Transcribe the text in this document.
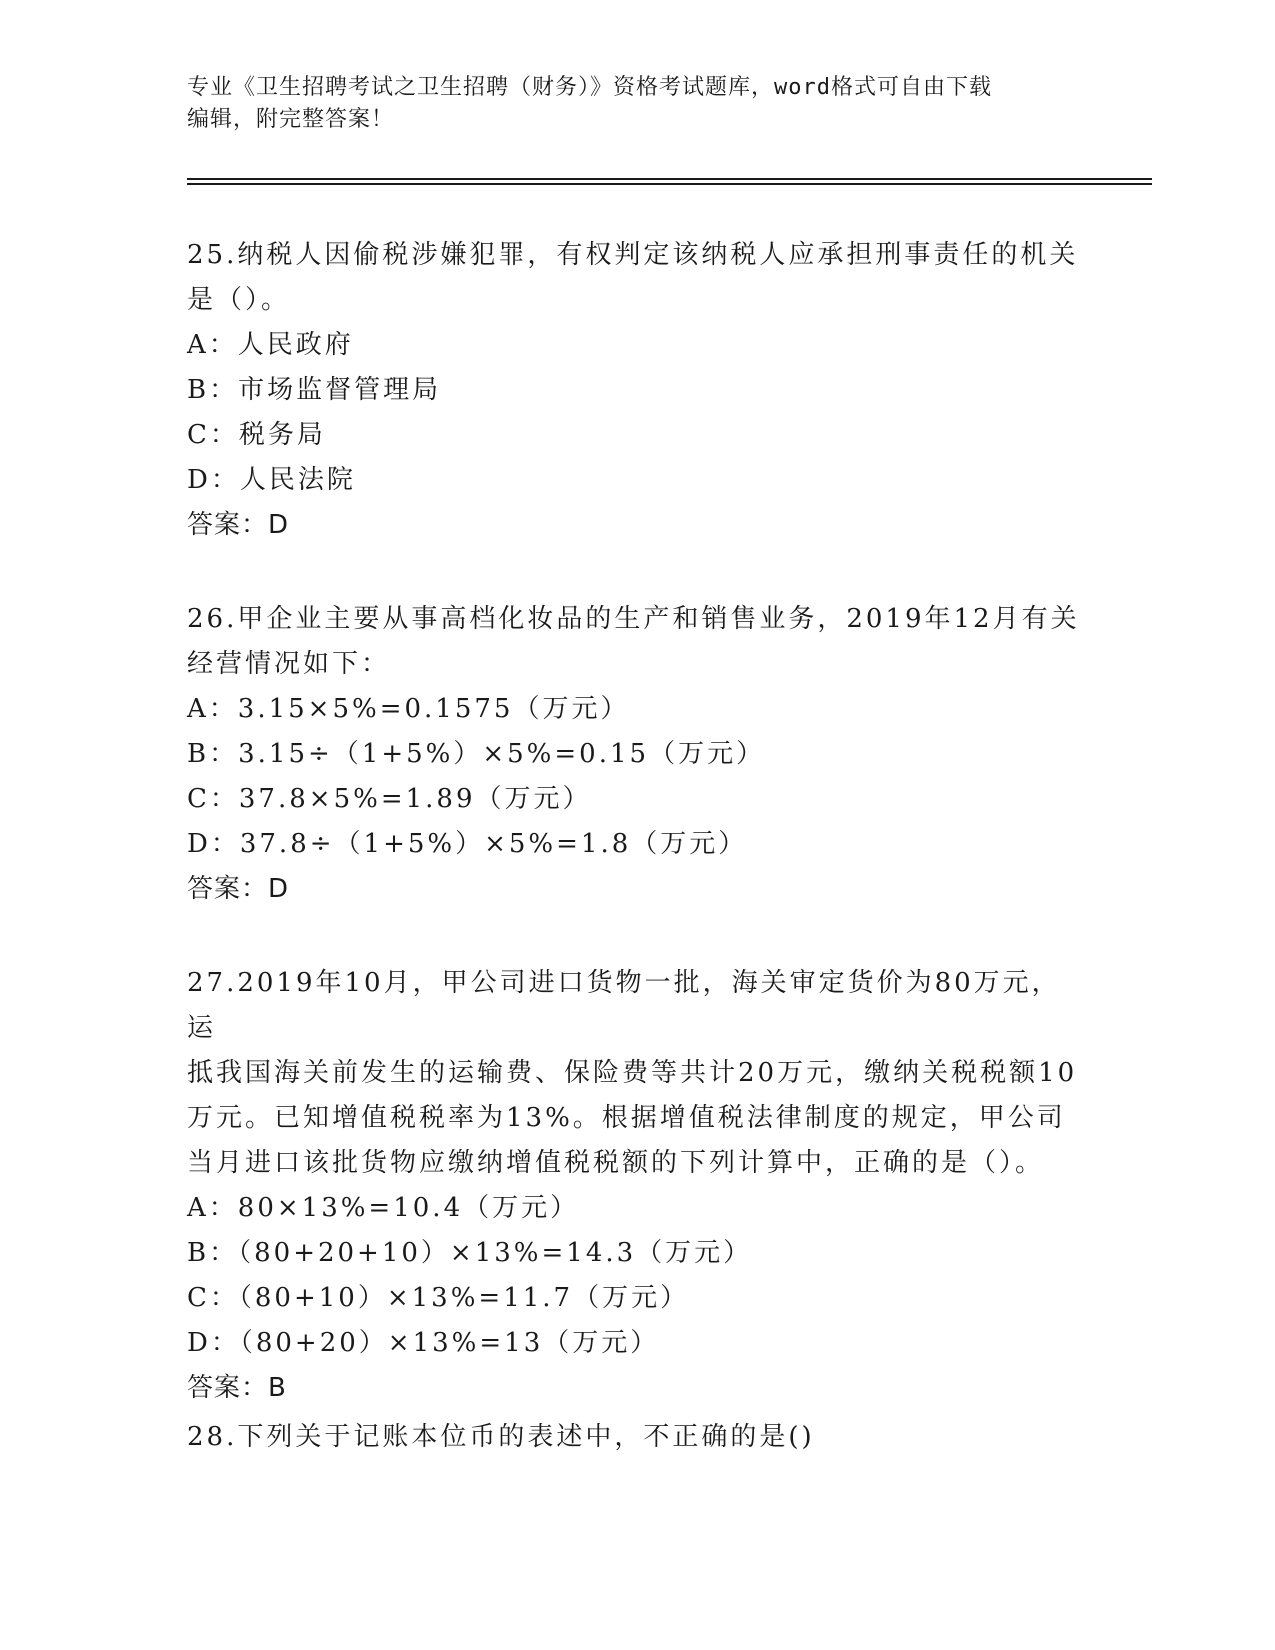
专业《卫生招聘考试之卫生招聘（财务）》资格考试题库，word格式可自由下载
编辑，附完整答案！

25.纳税人因偷税涉嫌犯罪，有权判定该纳税人应承担刑事责任的机关

是（）。

A：人民政府

B：市场监督管理局

C：税务局

D：人民法院

答案：D

26.甲企业主要从事高档化妆品的生产和销售业务，2019年12月有关

经营情况如下：

A：3.15×5%=0.1575（万元）

B：3.15÷（1+5%）×5%=0.15（万元）

C：37.8×5%=1.89（万元）

D：37.8÷（1+5%）×5%=1.8（万元）

答案：D

27.2019年10月，甲公司进口货物一批，海关审定货价为80万元，运

抵我国海关前发生的运输费、保险费等共计20万元，缴纳关税税额10

万元。已知增值税税率为13%。根据增值税法律制度的规定，甲公司

当月进口该批货物应缴纳增值税税额的下列计算中，正确的是（）。

A：80×13%=10.4（万元）

B：（80+20+10）×13%=14.3（万元）

C：（80+10）×13%=11.7（万元）

D：（80+20）×13%=13（万元）

答案：B

28.下列关于记账本位币的表述中，不正确的是()
